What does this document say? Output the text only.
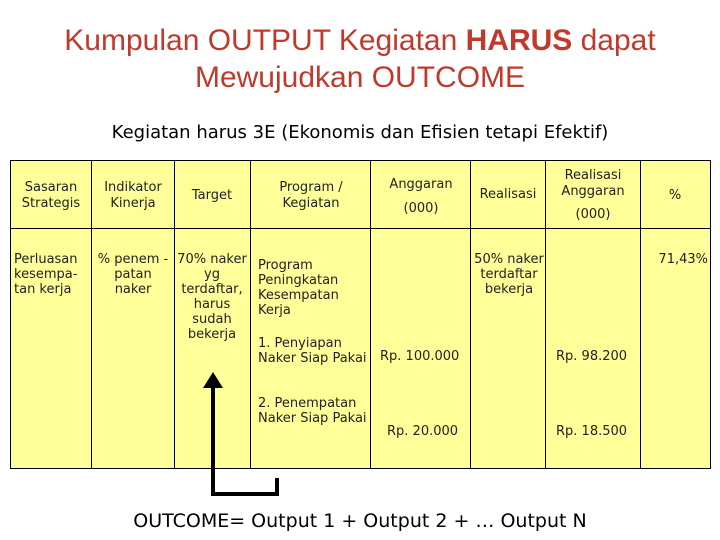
Kumpulan OUTPUT Kegiatan HARUS dapat
Mewujudkan OUTCOME
Kegiatan harus 3E (Ekonomis dan Efisien tetapi Efektif)
Sasaran Strategis
Indikator Kinerja
Target
Program / Kegiatan
Anggaran
(000)
Realisasi
Realisasi Anggaran
(000)
%
Perluasan kesempa-tan kerja
% penem -patan naker
70% naker yg terdaftar, harus sudah bekerja
Program Peningkatan Kesempatan Kerja
50% naker terdaftar bekerja
71,43%
1. Penyiapan Naker Siap Pakai Rp. 100.000	Rp. 98.200
2. Penempatan Naker Siap Pakai
Rp. 20.000	Rp. 18.500
OUTCOME= Output 1 + Output 2 + … Output N
